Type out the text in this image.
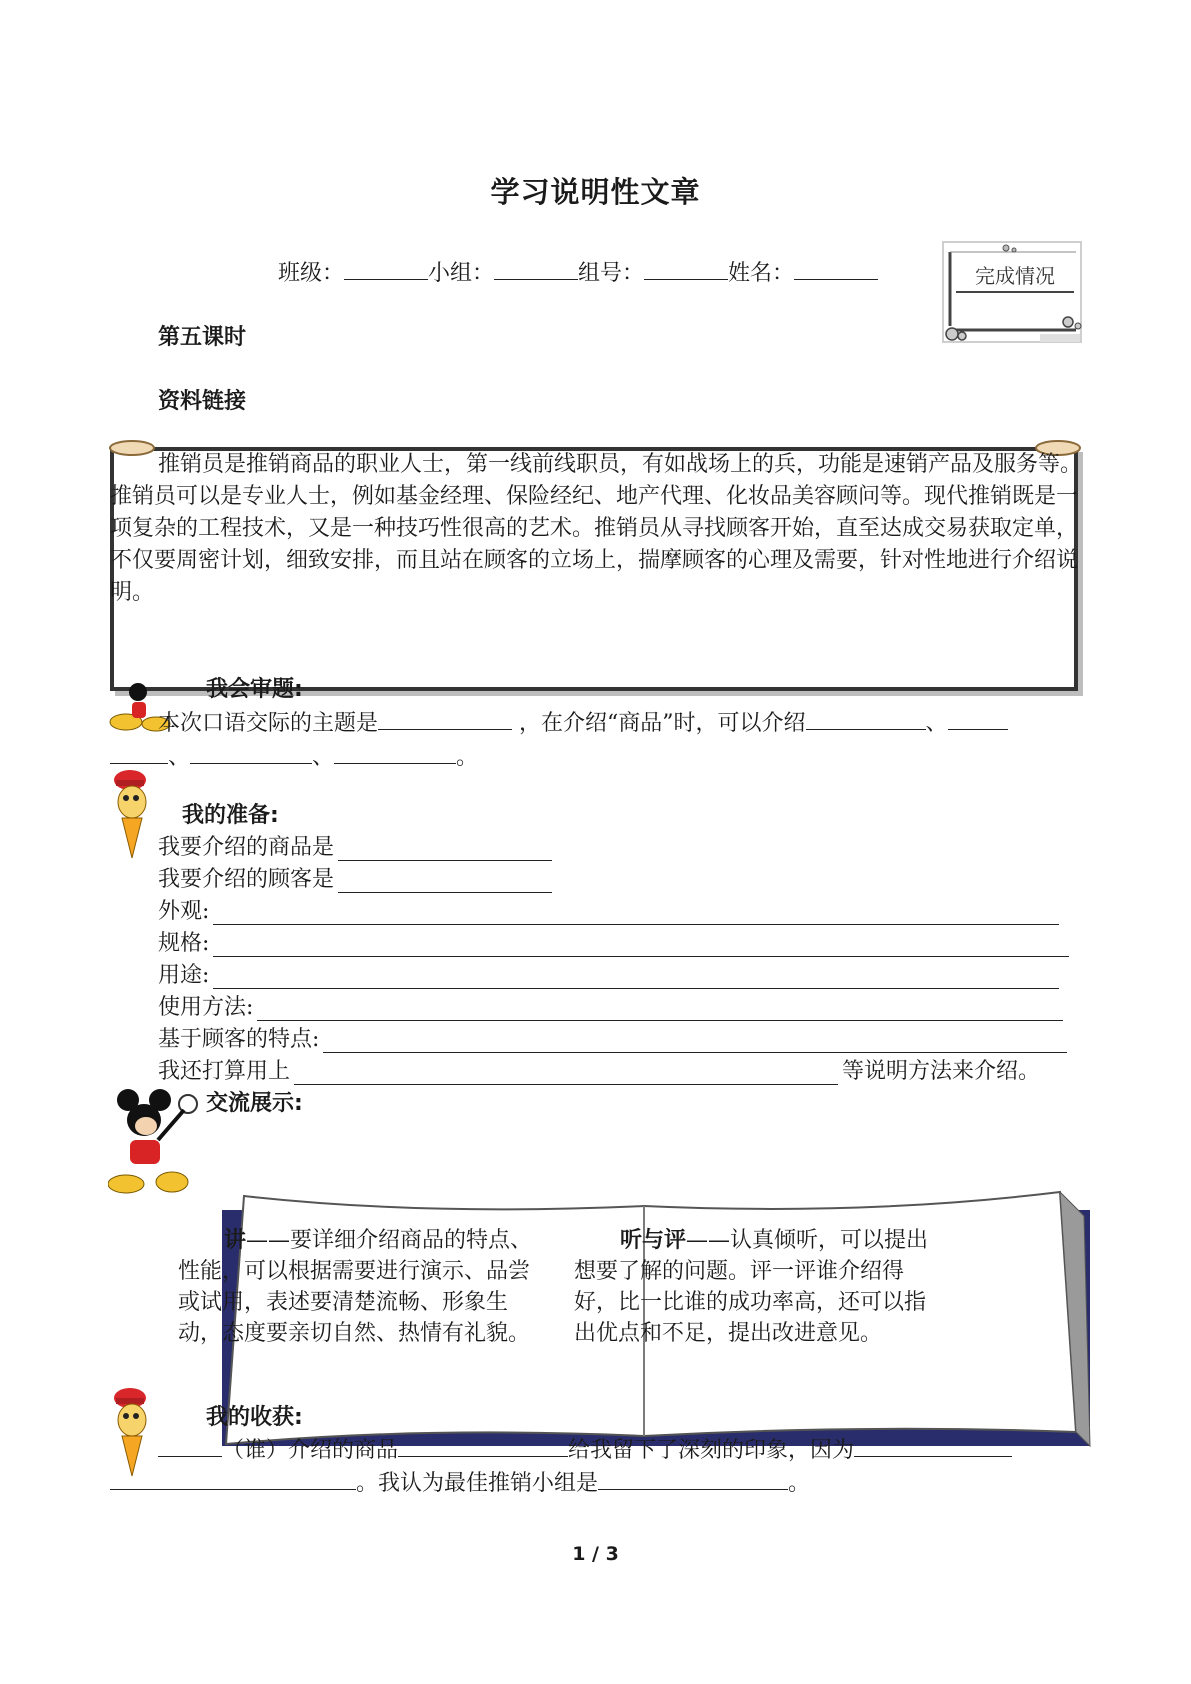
学习说明性文章
班级：	小组：	组号：	姓名：	完成情况
第五课时
资料链接
推销员是推销商品的职业人士，第一线前线职员，有如战场上的兵，功能是速销产品及服务等。推销员可以是专业人士，例如基金经理、保险经纪、地产代理、化妆品美容顾问等。现代推销既是一项复杂的工程技术，又是一种技巧性很高的艺术。推销员从寻找顾客开始，直至达成交易获取定单，不仅要周密计划，细致安排，而且站在顾客的立场上，揣摩顾客的心理及需要，针对性地进行介绍说明。
我会审题:
本次口语交际的主题是	，在介绍“商品”时，可以介绍	、
、	、	。
我的准备:
我要介绍的商品是
我要介绍的顾客是
外观:
规格:
用途:
使用方法:
基于顾客的特点:
我还打算用上	等说明方法来介绍。
交流展示:
讲——要详细介绍商品的特点、性能，可以根据需要进行演示、品尝或试用，表述要清楚流畅、形象生动，态度要亲切自然、热情有礼貌。
听与评——认真倾听，可以提出想要了解的问题。评一评谁介绍得好，比一比谁的成功率高，还可以指出优点和不足，提出改进意见。
我的收获:
（谁）介绍的商品	给我留下了深刻的印象，因为
。我认为最佳推销小组是	。
1 / 3
